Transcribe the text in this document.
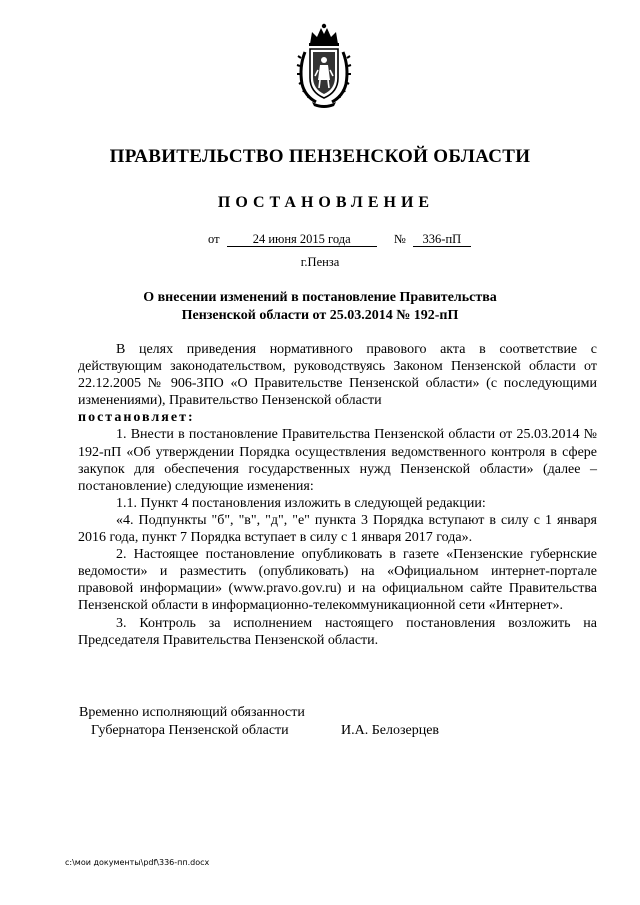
ПРАВИТЕЛЬСТВО ПЕНЗЕНСКОЙ ОБЛАСТИ
ПОСТАНОВЛЕНИЕ
от	24 июня 2015 года	№ 336-пП
г.Пенза
О внесении изменений в постановление Правительства
Пензенской области от 25.03.2014 № 192-пП

В целях приведения нормативного правового акта в соответствие с действующим законодательством, руководствуясь Законом Пензенской области от 22.12.2005 № 906-ЗПО «О Правительстве Пензенской области» (с последующими изменениями), Правительство Пензенской области

постановляет:

1. Внести в постановление Правительства Пензенской области от 25.03.2014 № 192-пП «Об утверждении Порядка осуществления ведомственного контроля в сфере закупок для обеспечения государственных нужд Пензенской области» (далее – постановление) следующие изменения:

1.1. Пункт 4 постановления изложить в следующей редакции:

«4. Подпункты "б", "в", "д", "е" пункта 3 Порядка вступают в силу с 1 января 2016 года, пункт 7 Порядка вступает в силу с 1 января 2017 года».

2. Настоящее постановление опубликовать в газете «Пензенские губернские ведомости» и разместить (опубликовать) на «Официальном интернет-портале правовой информации» (www.pravo.gov.ru) и на официальном сайте Правительства Пензенской области в информационно-телекоммуникационной сети «Интернет».

3. Контроль за исполнением настоящего постановления возложить на Председателя Правительства Пензенской области.

Временно исполняющий обязанности
Губернатора Пензенской области	И.А. Белозерцев
c:\мои документы\pdf\336-пп.docx
